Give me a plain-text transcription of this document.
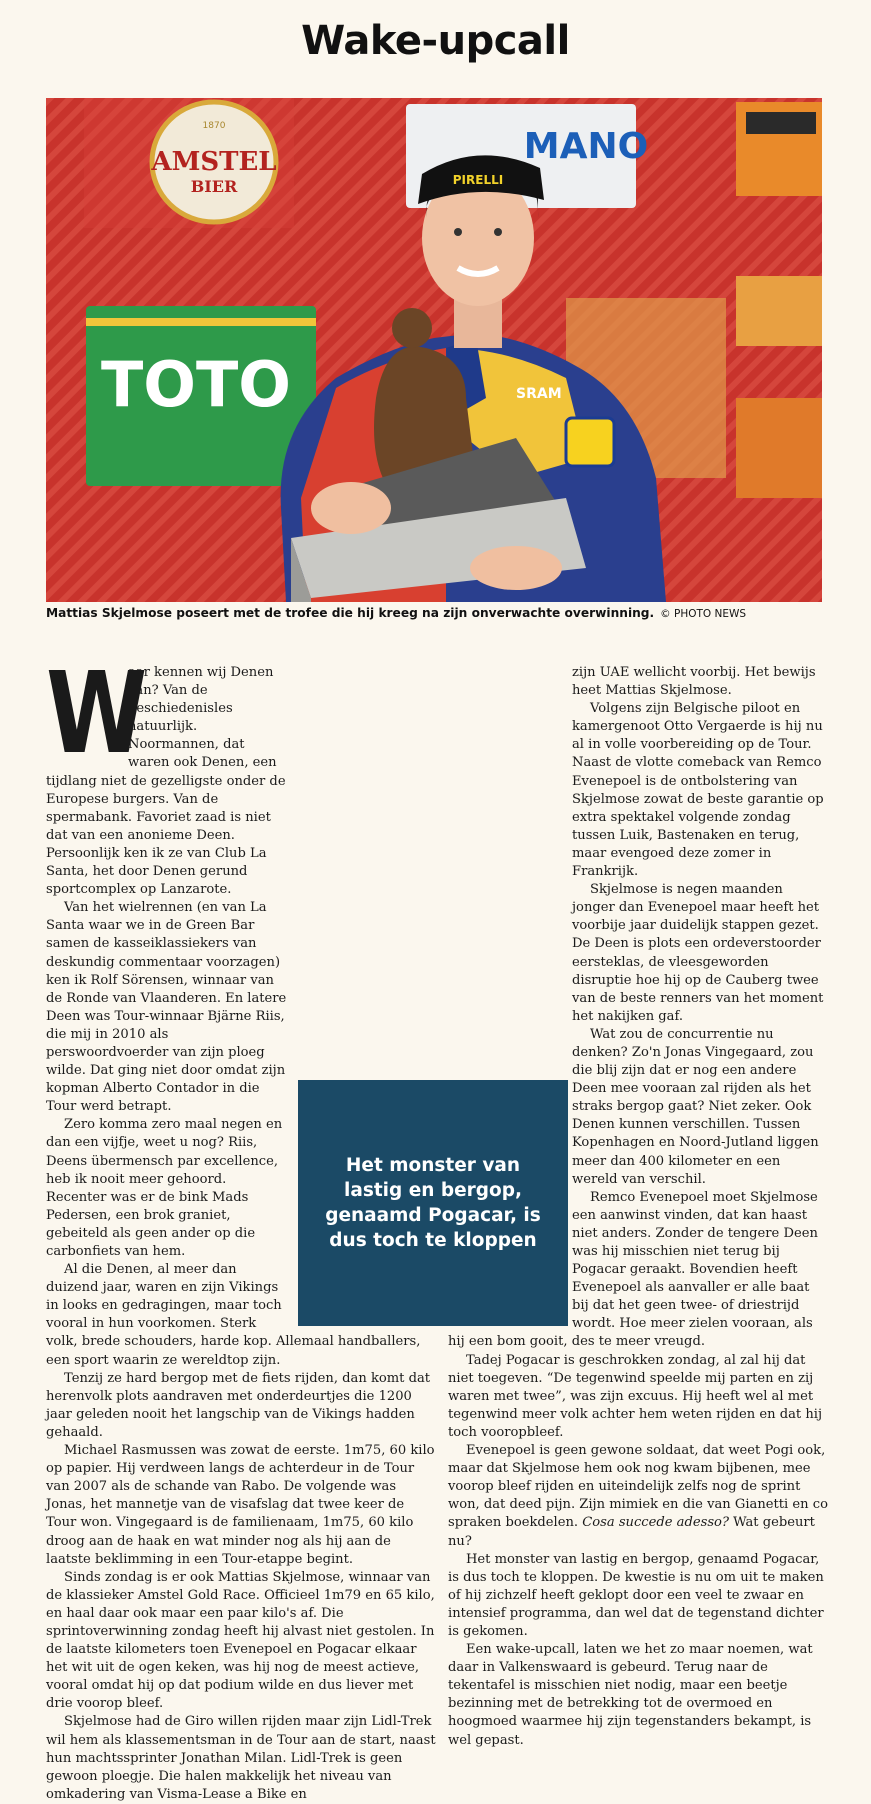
Wake-upcall
1870
AMSTEL
BIER
MANO
TOTO	SRAM
PIRELLI
Mattias Skjelmose poseert met de trofee die hij kreeg na zijn onverwachte overwinning. © PHOTO NEWS
W

aar kennen wij Denen van? Van de geschiedenisles natuurlijk. Noormannen, dat waren ook Denen, een tijdlang niet de gezelligste onder de Europese burgers. Van de spermabank. Favoriet zaad is niet dat van een anonieme Deen. Persoonlijk ken ik ze van Club La Santa, het door Denen gerund sportcomplex op Lanzarote.

Van het wielrennen (en van La Santa waar we in de Green Bar samen de kasseiklassiekers van deskundig commentaar voorzagen) ken ik Rolf Sörensen, winnaar van de Ronde van Vlaanderen. En latere Deen was Tour-winnaar Bjärne Riis, die mij in 2010 als perswoordvoerder van zijn ploeg wilde. Dat ging niet door omdat zijn kopman Alberto Contador in die Tour werd betrapt.

Zero komma zero maal negen en dan een vijfje, weet u nog? Riis, Deens übermensch par excellence, heb ik nooit meer gehoord. Recenter was er de bink Mads Pedersen, een brok graniet, gebeiteld als geen ander op die carbonfiets van hem.

Al die Denen, al meer dan duizend jaar, waren en zijn Vikings in looks en gedragingen, maar toch vooral in hun voorkomen. Sterk volk, brede schouders, harde kop. Allemaal handballers, een sport waarin ze wereldtop zijn.

Tenzij ze hard bergop met de fiets rijden, dan komt dat herenvolk plots aandraven met onderdeurtjes die 1200 jaar geleden nooit het langschip van de Vikings hadden gehaald.

Michael Rasmussen was zowat de eerste. 1m75, 60 kilo op papier. Hij verdween langs de achterdeur in de Tour van 2007 als de schande van Rabo. De volgende was Jonas, het mannetje van de visafslag dat twee keer de Tour won. Vingegaard is de familienaam, 1m75, 60 kilo droog aan de haak en wat minder nog als hij aan de laatste beklimming in een Tour-etappe begint.

Sinds zondag is er ook Mattias Skjelmose, winnaar van de klassieker Amstel Gold Race. Officieel 1m79 en 65 kilo, en haal daar ook maar een paar kilo's af. Die sprintoverwinning zondag heeft hij alvast niet gestolen. In de laatste kilometers toen Evenepoel en Pogacar elkaar het wit uit de ogen keken, was hij nog de meest actieve, vooral omdat hij op dat podium wilde en dus liever met drie voorop bleef.

Skjelmose had de Giro willen rijden maar zijn Lidl-Trek wil hem als klassementsman in de Tour aan de start, naast hun machtssprinter Jonathan Milan. Lidl-Trek is geen gewoon ploegje. Die halen makkelijk het niveau van omkadering van Visma-Lease a Bike en

zijn UAE wellicht voorbij. Het bewijs heet Mattias Skjelmose.

Volgens zijn Belgische piloot en kamergenoot Otto Vergaerde is hij nu al in volle voorbereiding op de Tour. Naast de vlotte comeback van Remco Evenepoel is de ontbolstering van Skjelmose zowat de beste garantie op extra spektakel volgende zondag tussen Luik, Bastenaken en terug, maar evengoed deze zomer in Frankrijk.

Skjelmose is negen maanden jonger dan Evenepoel maar heeft het voorbije jaar duidelijk stappen gezet. De Deen is plots een ordeverstoorder eersteklas, de vleesgeworden disruptie hoe hij op de Cauberg twee van de beste renners van het moment het nakijken gaf.

Wat zou de concurrentie nu denken? Zo'n Jonas Vingegaard, zou die blij zijn dat er nog een andere Deen mee vooraan zal rijden als het straks bergop gaat? Niet zeker. Ook Denen kunnen verschillen. Tussen Kopenhagen en Noord-Jutland liggen meer dan 400 kilometer en een wereld van verschil.

Remco Evenepoel moet Skjelmose een aanwinst vinden, dat kan haast niet anders. Zonder de tengere Deen was hij misschien niet terug bij Pogacar geraakt. Bovendien heeft Evenepoel als aanvaller er alle baat bij dat het geen twee- of driestrijd wordt. Hoe meer zielen vooraan, als hij een bom gooit, des te meer vreugd.

Tadej Pogacar is geschrokken zondag, al zal hij dat niet toegeven. “De tegenwind speelde mij parten en zij waren met twee”, was zijn excuus. Hij heeft wel al met tegenwind meer volk achter hem weten rijden en dat hij toch vooropbleef.

Evenepoel is geen gewone soldaat, dat weet Pogi ook, maar dat Skjelmose hem ook nog kwam bijbenen, mee voorop bleef rijden en uiteindelijk zelfs nog de sprint won, dat deed pijn. Zijn mimiek en die van Gianetti en co spraken boekdelen. Cosa succede adesso? Wat gebeurt nu?

Het monster van lastig en bergop, genaamd Pogacar, is dus toch te kloppen. De kwestie is nu om uit te maken of hij zichzelf heeft geklopt door een veel te zwaar en intensief programma, dan wel dat de tegenstand dichter is gekomen.

Een wake-upcall, laten we het zo maar noemen, wat daar in Valkenswaard is gebeurd. Terug naar de tekentafel is misschien niet nodig, maar een beetje bezinning met de betrekking tot de overmoed en hoogmoed waarmee hij zijn tegenstanders bekampt, is wel gepast.

Het monster van lastig en bergop, genaamd Pogacar, is dus toch te kloppen
